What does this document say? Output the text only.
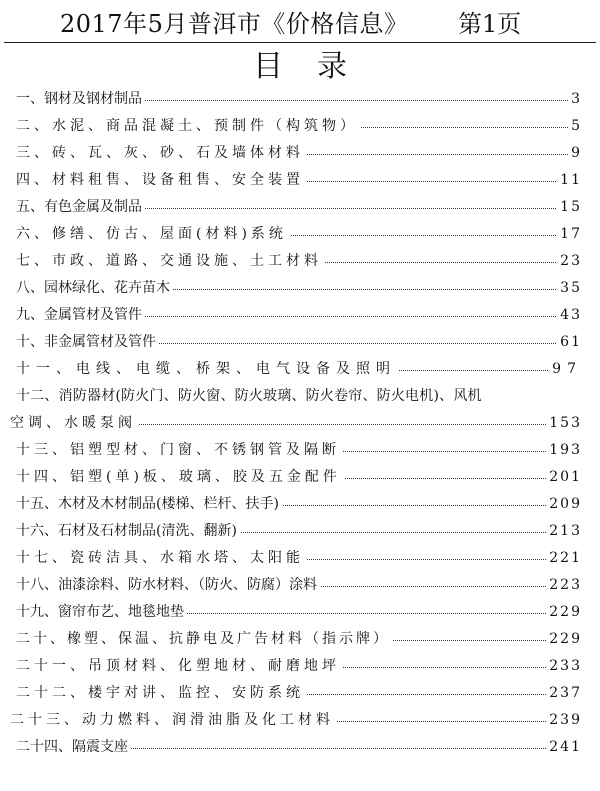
2017年5月普洱市《价格信息》 第1页
目录
一、钢材及钢材制品	3
二、水泥、商品混凝土、预制件（构筑物）	5
三、砖、瓦、灰、砂、石及墙体材料	9
四、材料租售、设备租售、安全装置	11
五、有色金属及制品	15
六、修缮、仿古、屋面(材料)系统	17
七、市政、道路、交通设施、土工材料	23
八、园林绿化、花卉苗木	35
九、金属管材及管件	43
十、非金属管材及管件	61
十一、电线、电缆、桥架、电气设备及照明	97
十二、消防器材(防火门、防火窗、防火玻璃、防火卷帘、防火电机)、风机
空调、水暖泵阀	153
十三、铝塑型材、门窗、不锈钢管及隔断	193
十四、铝塑(单)板、玻璃、胶及五金配件	201
十五、木材及木材制品(楼梯、栏杆、扶手)	209
十六、石材及石材制品(清洗、翻新)	213
十七、瓷砖洁具、水箱水塔、太阳能	221
十八、油漆涂料、防水材料、（防火、防腐）涂料	223
十九、窗帘布艺、地毯地垫	229
二十、橡塑、保温、抗静电及广告材料（指示牌）	229
二十一、吊顶材料、化塑地材、耐磨地坪	233
二十二、楼宇对讲、监控、安防系统	237
二十三、动力燃料、润滑油脂及化工材料	239
二十四、隔震支座	241
